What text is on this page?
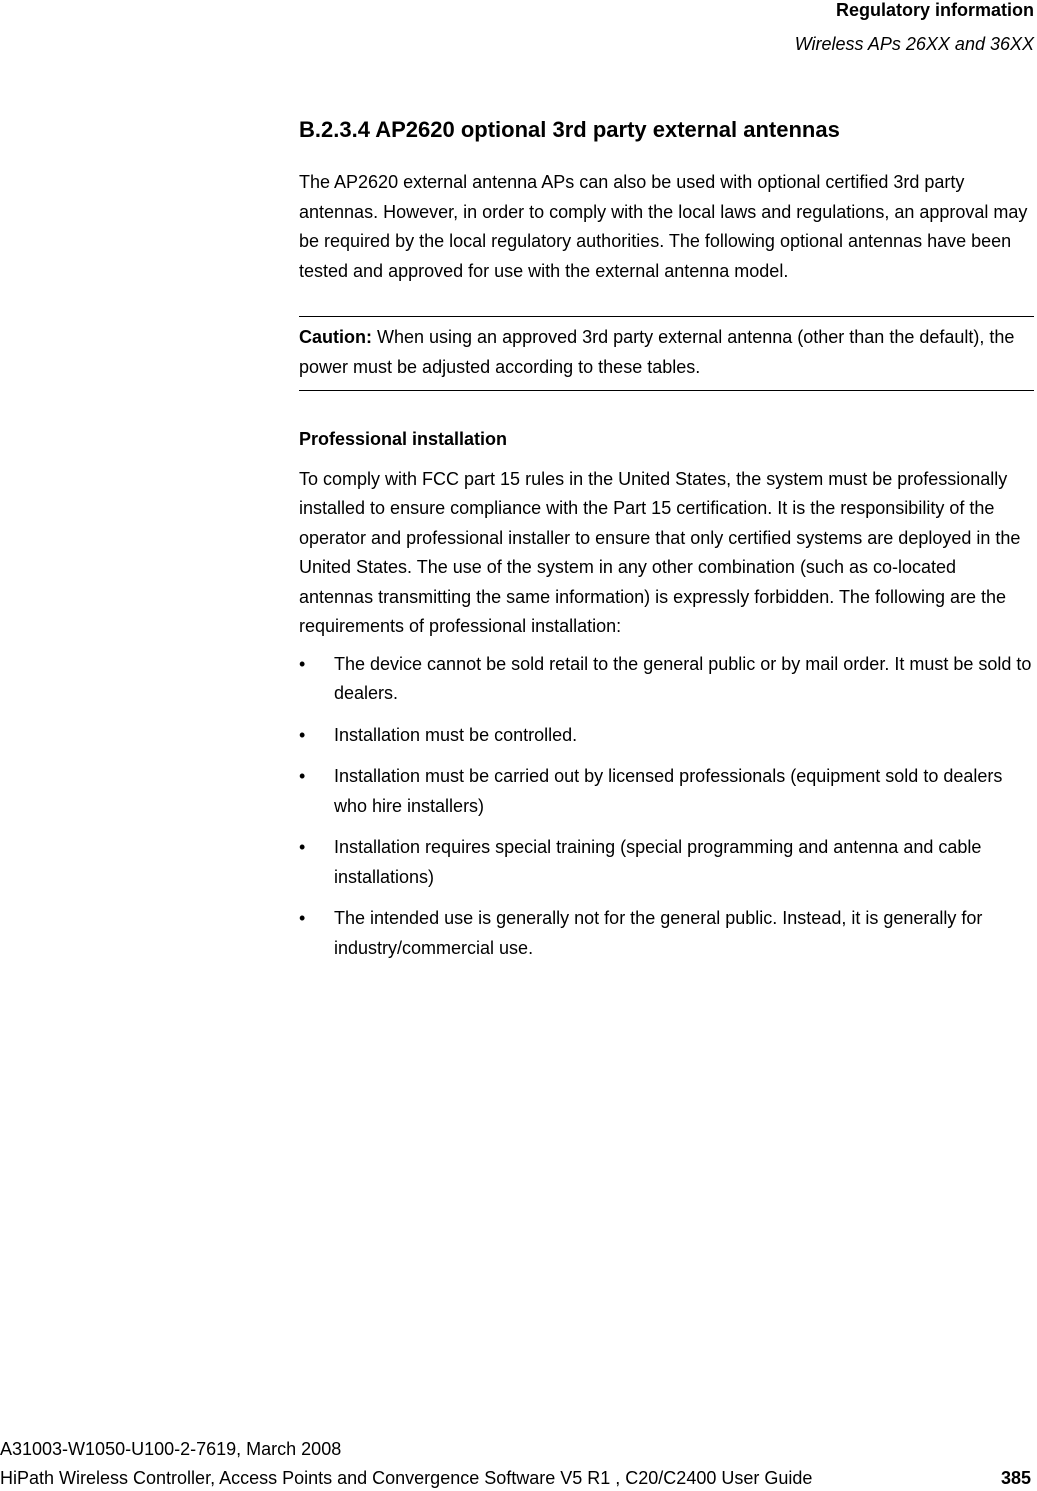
Regulatory information
Wireless APs 26XX and 36XX
B.2.3.4 AP2620 optional 3rd party external antennas

The AP2620 external antenna APs can also be used with optional certified 3rd party antennas. However, in order to comply with the local laws and regulations, an approval may be required by the local regulatory authorities. The following optional antennas have been tested and approved for use with the external antenna model.

Caution: When using an approved 3rd party external antenna (other than the default), the power must be adjusted according to these tables.

Professional installation

To comply with FCC part 15 rules in the United States, the system must be professionally installed to ensure compliance with the Part 15 certification. It is the responsibility of the operator and professional installer to ensure that only certified systems are deployed in the United States. The use of the system in any other combination (such as co-located antennas transmitting the same information) is expressly forbidden. The following are the requirements of professional installation:

• The device cannot be sold retail to the general public or by mail order. It must be sold to dealers.
• Installation must be controlled.
• Installation must be carried out by licensed professionals (equipment sold to dealers who hire installers)
• Installation requires special training (special programming and antenna and cable installations)
• The intended use is generally not for the general public. Instead, it is generally for industry/commercial use.
A31003-W1050-U100-2-7619, March 2008
HiPath Wireless Controller, Access Points and Convergence Software V5 R1 , C20/C2400 User Guide	385
